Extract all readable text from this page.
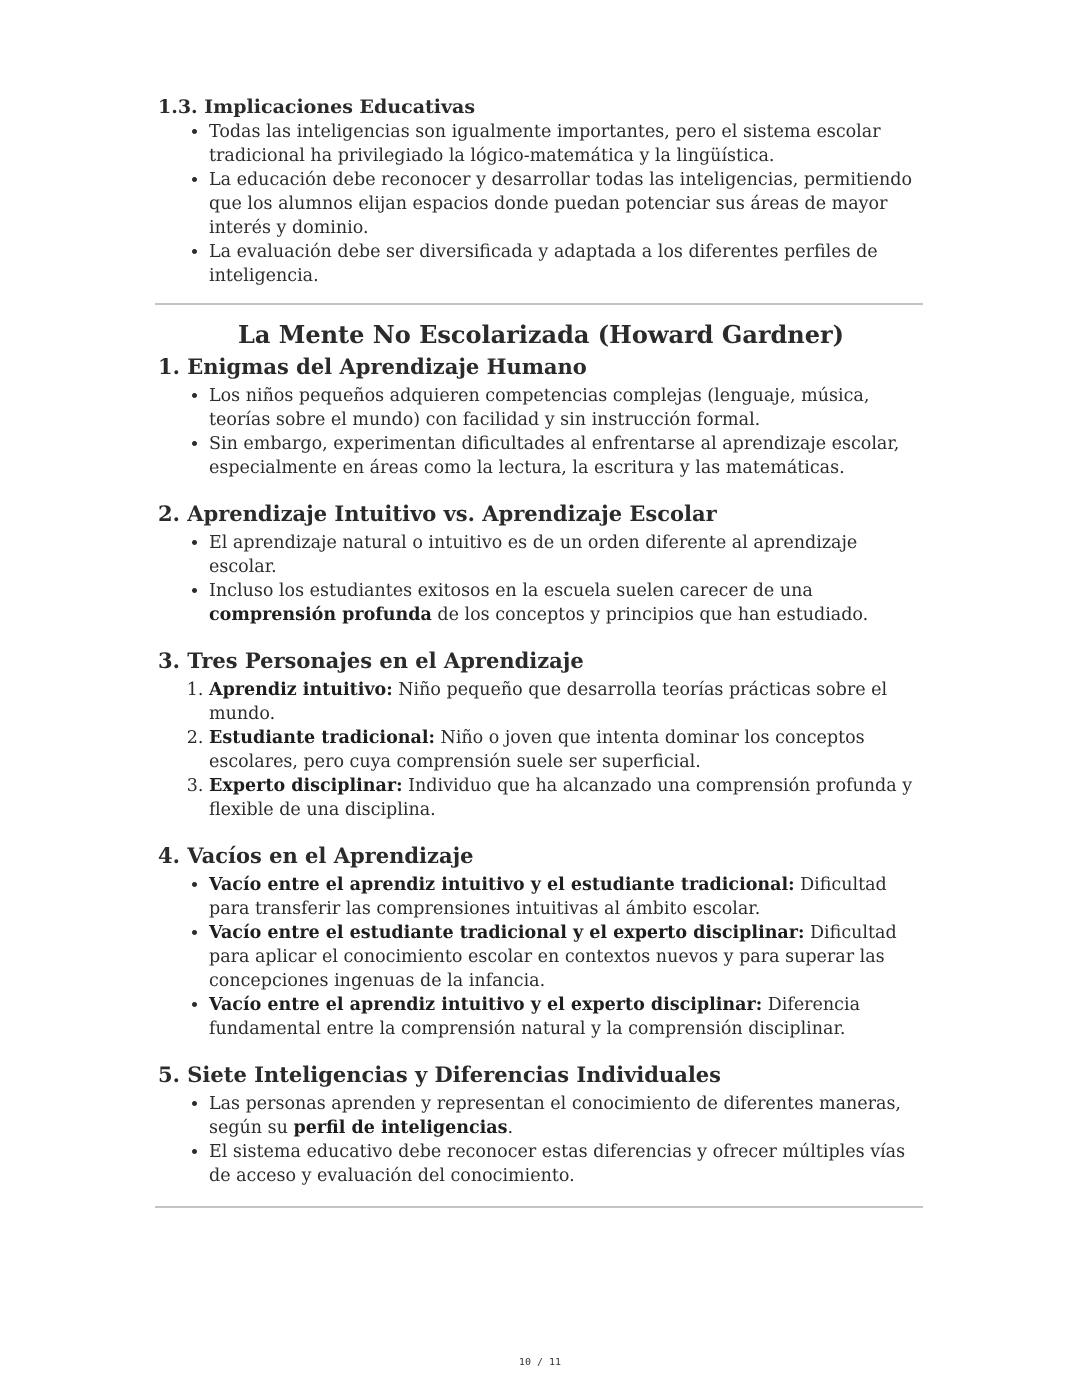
1.3. Implicaciones Educativas
• Todas las inteligencias son igualmente importantes, pero el sistema escolar tradicional ha privilegiado la lógico-matemática y la lingüística.
• La educación debe reconocer y desarrollar todas las inteligencias, permitiendo que los alumnos elijan espacios donde puedan potenciar sus áreas de mayor interés y dominio.
• La evaluación debe ser diversificada y adaptada a los diferentes perfiles de inteligencia.
La Mente No Escolarizada (Howard Gardner)
1. Enigmas del Aprendizaje Humano
• Los niños pequeños adquieren competencias complejas (lenguaje, música, teorías sobre el mundo) con facilidad y sin instrucción formal.
• Sin embargo, experimentan dificultades al enfrentarse al aprendizaje escolar, especialmente en áreas como la lectura, la escritura y las matemáticas.
2. Aprendizaje Intuitivo vs. Aprendizaje Escolar
• El aprendizaje natural o intuitivo es de un orden diferente al aprendizaje escolar.
• Incluso los estudiantes exitosos en la escuela suelen carecer de una comprensión profunda de los conceptos y principios que han estudiado.
3. Tres Personajes en el Aprendizaje
1. Aprendiz intuitivo: Niño pequeño que desarrolla teorías prácticas sobre el mundo.
2. Estudiante tradicional: Niño o joven que intenta dominar los conceptos escolares, pero cuya comprensión suele ser superficial.
3. Experto disciplinar: Individuo que ha alcanzado una comprensión profunda y flexible de una disciplina.
4. Vacíos en el Aprendizaje
• Vacío entre el aprendiz intuitivo y el estudiante tradicional: Dificultad para transferir las comprensiones intuitivas al ámbito escolar.
• Vacío entre el estudiante tradicional y el experto disciplinar: Dificultad para aplicar el conocimiento escolar en contextos nuevos y para superar las concepciones ingenuas de la infancia.
• Vacío entre el aprendiz intuitivo y el experto disciplinar: Diferencia fundamental entre la comprensión natural y la comprensión disciplinar.
5. Siete Inteligencias y Diferencias Individuales
• Las personas aprenden y representan el conocimiento de diferentes maneras, según su perfil de inteligencias.
• El sistema educativo debe reconocer estas diferencias y ofrecer múltiples vías de acceso y evaluación del conocimiento.
10 / 11
